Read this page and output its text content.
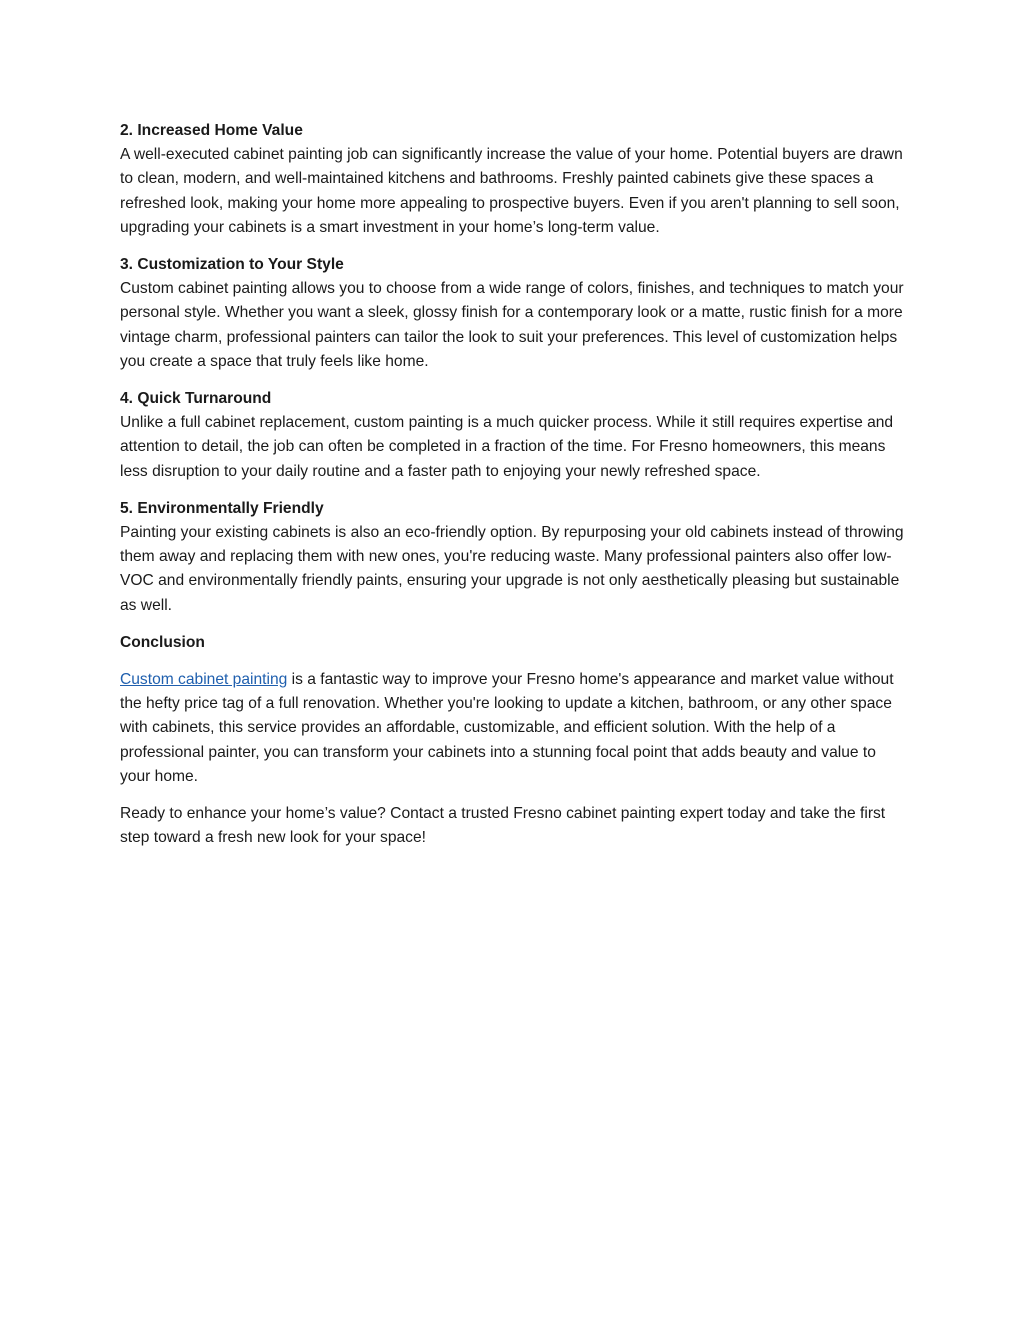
2. Increased Home Value

A well-executed cabinet painting job can significantly increase the value of your home. Potential buyers are drawn to clean, modern, and well-maintained kitchens and bathrooms. Freshly painted cabinets give these spaces a refreshed look, making your home more appealing to prospective buyers. Even if you aren't planning to sell soon, upgrading your cabinets is a smart investment in your home’s long-term value.

3. Customization to Your Style

Custom cabinet painting allows you to choose from a wide range of colors, finishes, and techniques to match your personal style. Whether you want a sleek, glossy finish for a contemporary look or a matte, rustic finish for a more vintage charm, professional painters can tailor the look to suit your preferences. This level of customization helps you create a space that truly feels like home.

4. Quick Turnaround

Unlike a full cabinet replacement, custom painting is a much quicker process. While it still requires expertise and attention to detail, the job can often be completed in a fraction of the time. For Fresno homeowners, this means less disruption to your daily routine and a faster path to enjoying your newly refreshed space.

5. Environmentally Friendly

Painting your existing cabinets is also an eco-friendly option. By repurposing your old cabinets instead of throwing them away and replacing them with new ones, you're reducing waste. Many professional painters also offer low-VOC and environmentally friendly paints, ensuring your upgrade is not only aesthetically pleasing but sustainable as well.

Conclusion

Custom cabinet painting is a fantastic way to improve your Fresno home's appearance and market value without the hefty price tag of a full renovation. Whether you're looking to update a kitchen, bathroom, or any other space with cabinets, this service provides an affordable, customizable, and efficient solution. With the help of a professional painter, you can transform your cabinets into a stunning focal point that adds beauty and value to your home.

Ready to enhance your home’s value? Contact a trusted Fresno cabinet painting expert today and take the first step toward a fresh new look for your space!
